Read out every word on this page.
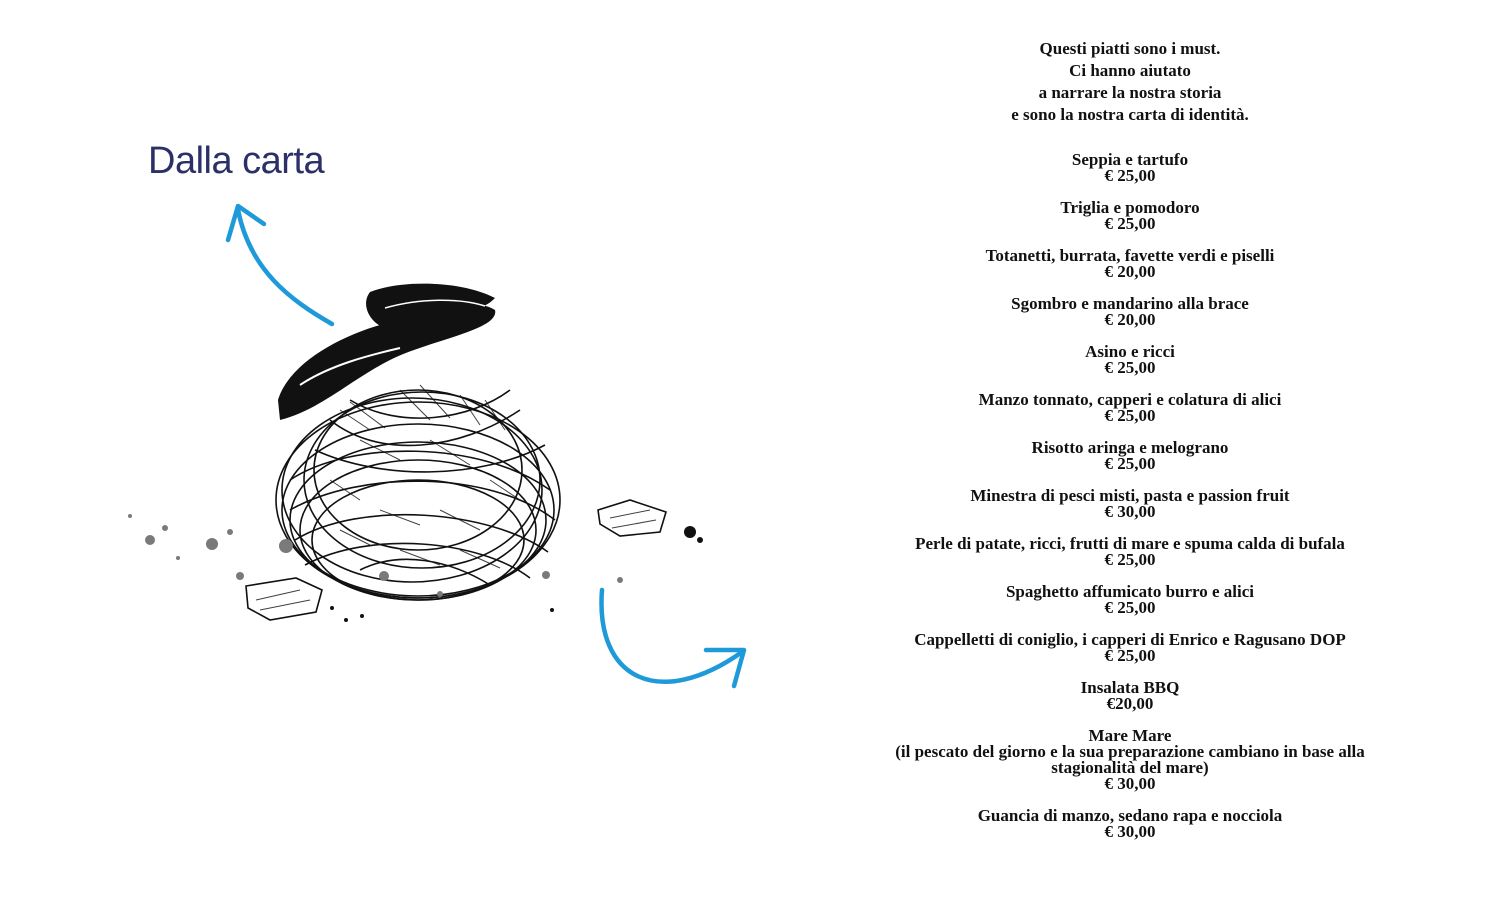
Dalla carta
Questi piatti sono i must.
Ci hanno aiutato
a narrare la nostra storia
e sono la nostra carta di identità.
Seppia e tartufo
€ 25,00
Triglia e pomodoro
€ 25,00
Totanetti, burrata, favette verdi e piselli
€ 20,00
Sgombro e mandarino alla brace
€ 20,00
Asino e ricci
€ 25,00
Manzo tonnato, capperi e colatura di alici
€ 25,00
Risotto aringa e melograno
€ 25,00
Minestra di pesci misti, pasta e passion fruit
€ 30,00
Perle di patate, ricci, frutti di mare e spuma calda di bufala
€ 25,00
Spaghetto affumicato burro e alici
€ 25,00
Cappelletti di coniglio, i capperi di Enrico e Ragusano DOP
€ 25,00
Insalata BBQ
€20,00
Mare Mare
(il pescato del giorno e la sua preparazione cambiano in base alla stagionalità del mare)
€ 30,00
Guancia di manzo, sedano rapa e nocciola
€ 30,00
